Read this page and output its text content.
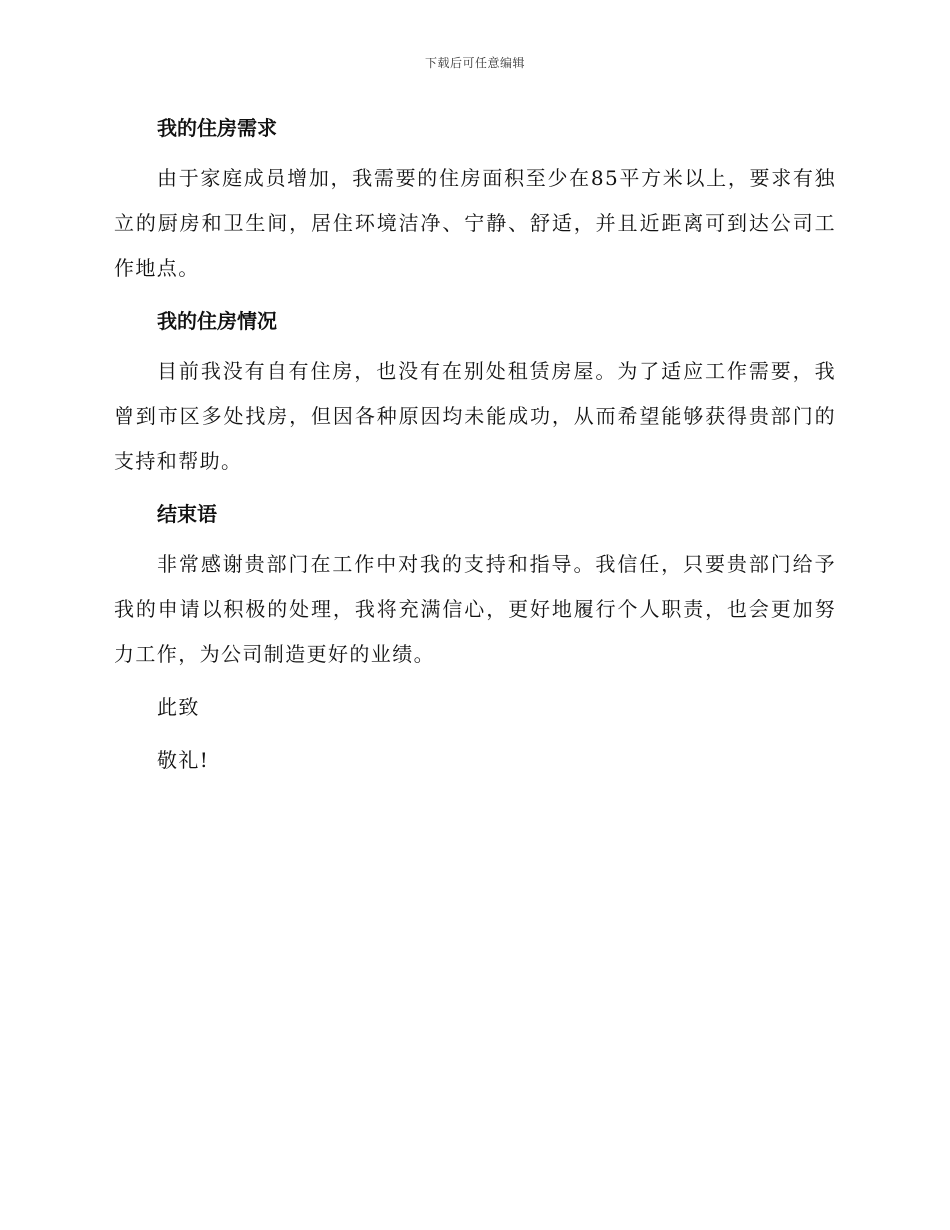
下载后可任意编辑
我的住房需求

由于家庭成员增加，我需要的住房面积至少在85平方米以上，要求有独立的厨房和卫生间，居住环境洁净、宁静、舒适，并且近距离可到达公司工作地点。

我的住房情况

目前我没有自有住房，也没有在别处租赁房屋。为了适应工作需要，我曾到市区多处找房，但因各种原因均未能成功，从而希望能够获得贵部门的支持和帮助。

结束语

非常感谢贵部门在工作中对我的支持和指导。我信任，只要贵部门给予我的申请以积极的处理，我将充满信心，更好地履行个人职责，也会更加努力工作，为公司制造更好的业绩。

此致

敬礼!
